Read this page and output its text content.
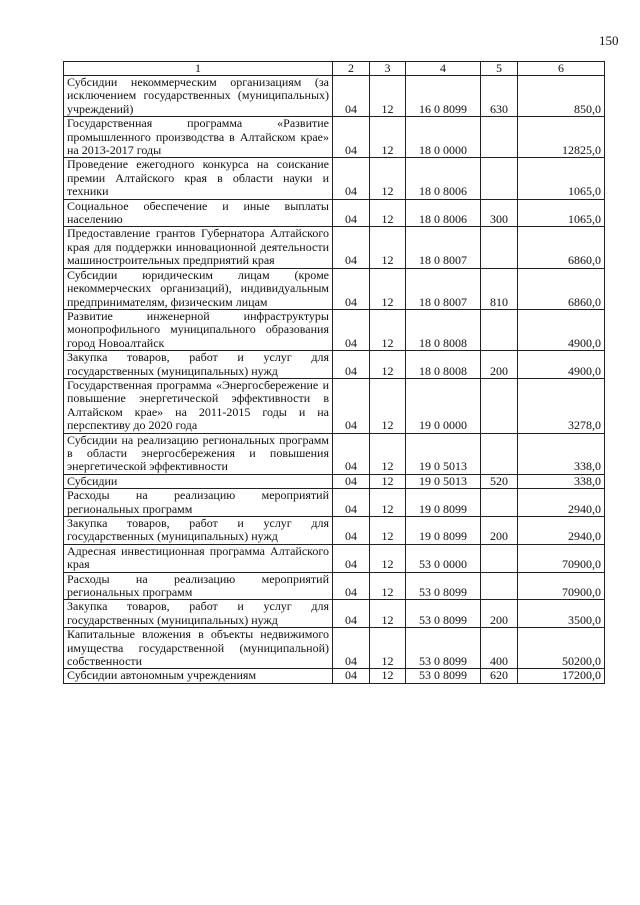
150
1	2	3	4	5	6
Субсидии некоммерческим организациям (за исключением государственных (муниципальных) учреждений)	04	12	16 0 8099	630	850,0
Государственная программа «Развитие промышленного производства в Алтайском крае» на 2013-2017 годы	04	12	18 0 0000		12825,0
Проведение ежегодного конкурса на соискание премии Алтайского края в области науки и техники	04	12	18 0 8006		1065,0
Социальное обеспечение и иные выплаты населению	04	12	18 0 8006	300	1065,0
Предоставление грантов Губернатора Алтайского края для поддержки инновационной деятельности машиностроительных предприятий края	04	12	18 0 8007		6860,0
Субсидии юридическим лицам (кроме некоммерческих организаций), индивидуальным предпринимателям, физическим лицам	04	12	18 0 8007	810	6860,0
Развитие инженерной инфраструктуры монопрофильного муниципального образования город Новоалтайск	04	12	18 0 8008		4900,0
Закупка товаров, работ и услуг для государственных (муниципальных) нужд	04	12	18 0 8008	200	4900,0
Государственная программа «Энергосбережение и повышение энергетической эффективности в Алтайском крае» на 2011-2015 годы и на перспективу до 2020 года	04	12	19 0 0000		3278,0
Субсидии на реализацию региональных программ в области энергосбережения и повышения энергетической эффективности	04	12	19 0 5013		338,0
Субсидии	04	12	19 0 5013	520	338,0
Расходы на реализацию мероприятий региональных программ	04	12	19 0 8099		2940,0
Закупка товаров, работ и услуг для государственных (муниципальных) нужд	04	12	19 0 8099	200	2940,0
Адресная инвестиционная программа Алтайского края	04	12	53 0 0000		70900,0
Расходы на реализацию мероприятий региональных программ	04	12	53 0 8099		70900,0
Закупка товаров, работ и услуг для государственных (муниципальных) нужд	04	12	53 0 8099	200	3500,0
Капитальные вложения в объекты недвижимого имущества государственной (муниципальной) собственности	04	12	53 0 8099	400	50200,0
Субсидии автономным учреждениям	04	12	53 0 8099	620	17200,0
